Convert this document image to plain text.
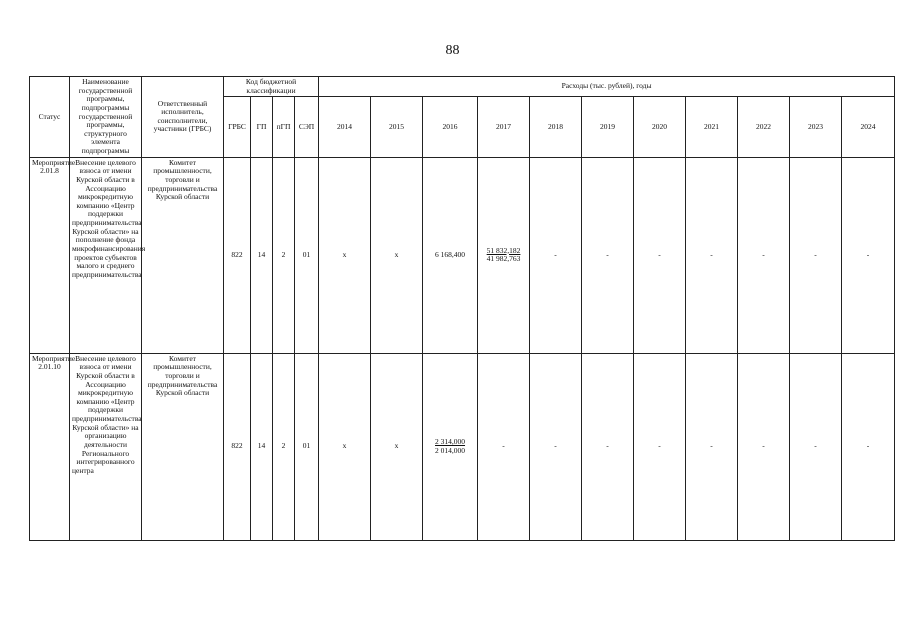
88
Статус	Наименование государственной программы, подпрограммы государственной программы, структурного элемента подпрограммы	Ответственный исполнитель, соисполнители, участники (ГРБС)	Код бюджетной классификации				Расходы (тыс. рублей), годы										
			ГРБС	ГП	пГП	СЭП	2014	2015	2016	2017	2018	2019	2020	2021	2022	2023	2024

Мероприятие 2.01.8	Внесение целевого взноса от имени Курской области в Ассоциацию микрокредитную компанию «Центр поддержки предпринимательства Курской области» на пополнение фонда микрофинансирования проектов субъектов малого и среднего предпринимательства	Комитет промышленности, торговли и предпринимательства Курской области	822	14	2	01	х	х	6 168,400	$\frac{51 832,182}{41 982,763}$	-	-	-	-	-	-	-
Мероприятие 2.01.10	Внесение целевого взноса от имени Курской области в Ассоциацию микрокредитную компанию «Центр поддержки предпринимательства Курской области» на организацию деятельности Регионального интегрированного центра	Комитет промышленности, торговли и предпринимательства Курской области	822	14	2	01	х	х	$\frac{2 314,000}{2 014,000}$	-	-	-	-	-	-	-	-
